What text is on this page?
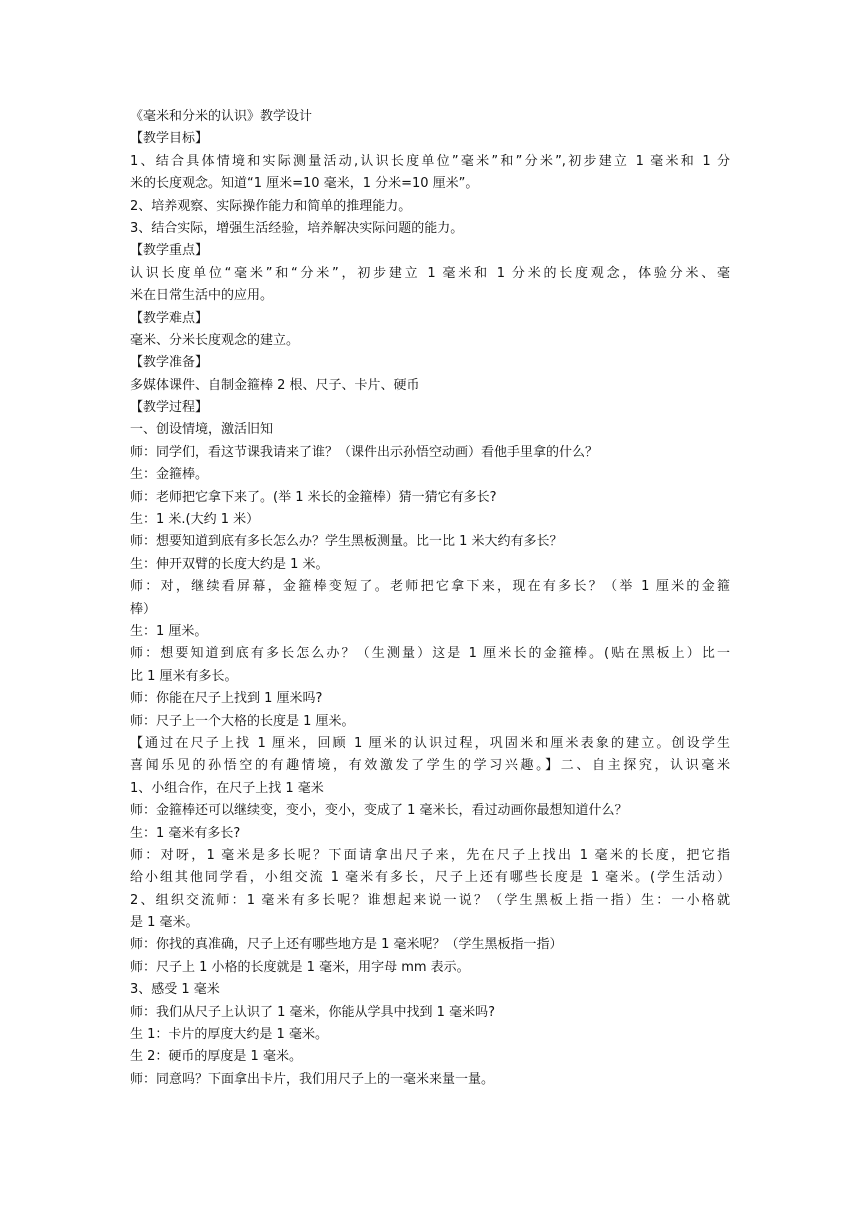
《毫米和分米的认识》教学设计
【教学目标】
1、结合具体情境和实际测量活动,认识长度单位”毫米”和”分米”,初步建立 1 毫米和 1 分
米的长度观念。知道“1 厘米=10 毫米，1 分米=10 厘米”。
2、培养观察、实际操作能力和简单的推理能力。
3、结合实际，增强生活经验，培养解决实际问题的能力。
【教学重点】
认识长度单位“毫米”和“分米”，初步建立 1 毫米和 1 分米的长度观念，体验分米、毫
米在日常生活中的应用。
【教学难点】
毫米、分米长度观念的建立。
【教学准备】
多媒体课件、自制金箍棒 2 根、尺子、卡片、硬币
【教学过程】
一、创设情境，激活旧知
师：同学们，看这节课我请来了谁？（课件出示孙悟空动画）看他手里拿的什么？
生：金箍棒。
师：老师把它拿下来了。(举 1 米长的金箍棒）猜一猜它有多长?
生：1 米.(大约 1 米）
师：想要知道到底有多长怎么办？学生黑板测量。比一比 1 米大约有多长？
生：伸开双臂的长度大约是 1 米。
师：对，继续看屏幕，金箍棒变短了。老师把它拿下来，现在有多长？（举 1 厘米的金箍
棒）
生：1 厘米。
师：想要知道到底有多长怎么办？（生测量）这是 1 厘米长的金箍棒。(贴在黑板上）比一
比 1 厘米有多长。
师：你能在尺子上找到 1 厘米吗?
师：尺子上一个大格的长度是 1 厘米。
【通过在尺子上找 1 厘米，回顾 1 厘米的认识过程，巩固米和厘米表象的建立。创设学生
喜闻乐见的孙悟空的有趣情境，有效激发了学生的学习兴趣。】二、自主探究，认识毫米
1、小组合作，在尺子上找 1 毫米
师：金箍棒还可以继续变，变小，变小，变成了 1 毫米长，看过动画你最想知道什么？
生：1 毫米有多长?
师：对呀，1 毫米是多长呢？下面请拿出尺子来，先在尺子上找出 1 毫米的长度，把它指
给小组其他同学看，小组交流 1 毫米有多长，尺子上还有哪些长度是 1 毫米。(学生活动）
2、组织交流师：1 毫米有多长呢？谁想起来说一说？（学生黑板上指一指）生：一小格就
是 1 毫米。
师：你找的真准确，尺子上还有哪些地方是 1 毫米呢？（学生黑板指一指）
师：尺子上 1 小格的长度就是 1 毫米，用字母 mm 表示。
3、感受 1 毫米
师：我们从尺子上认识了 1 毫米，你能从学具中找到 1 毫米吗?
生 1：卡片的厚度大约是 1 毫米。
生 2：硬币的厚度是 1 毫米。
师：同意吗？下面拿出卡片，我们用尺子上的一毫米来量一量。
